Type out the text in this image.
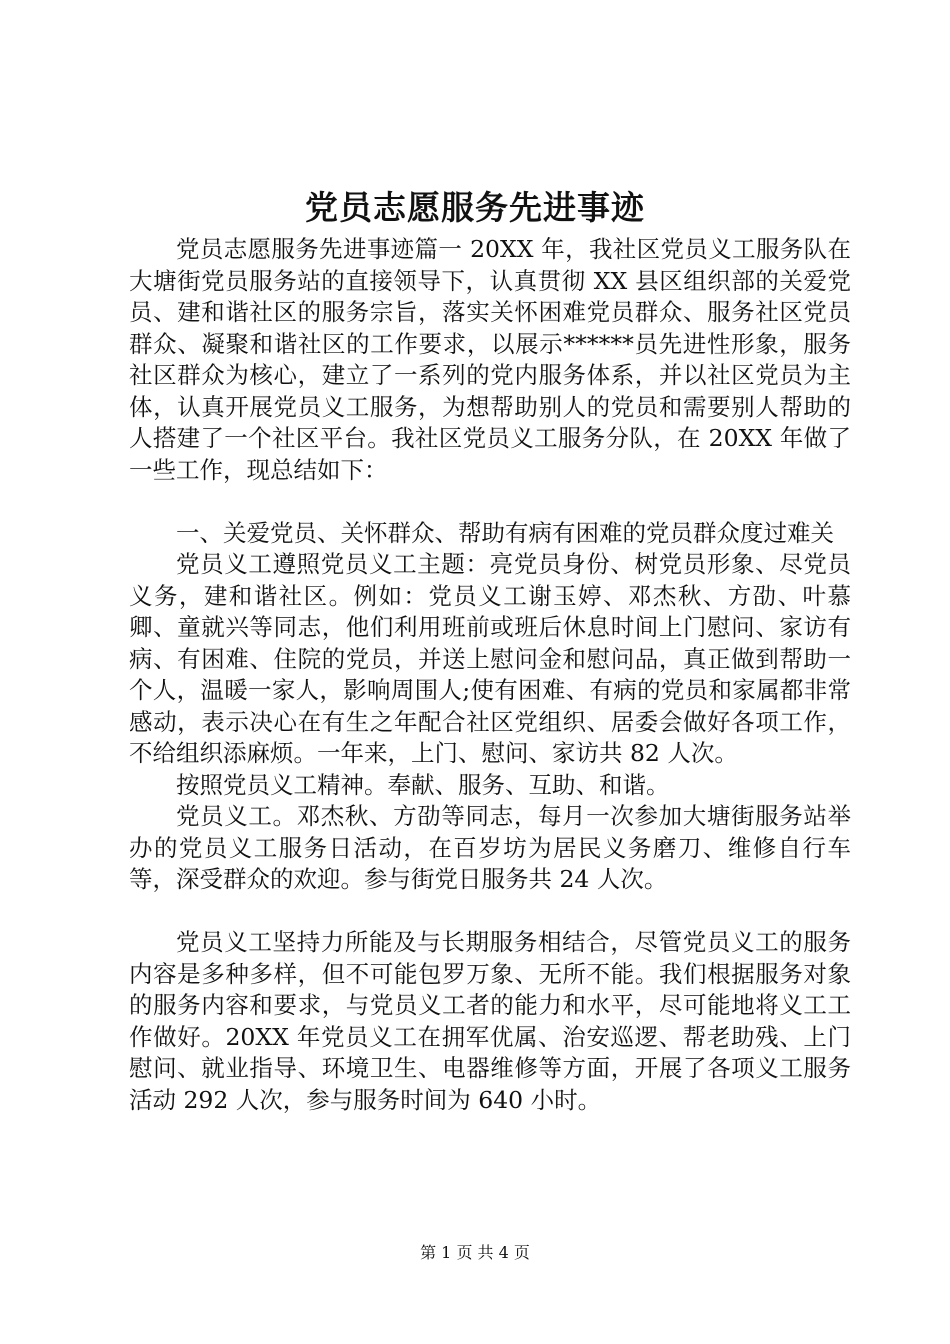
党员志愿服务先进事迹

党员志愿服务先进事迹篇一 20XX 年，我社区党员义工服务队在大塘街党员服务站的直接领导下，认真贯彻 XX 县区组织部的关爱党员、建和谐社区的服务宗旨，落实关怀困难党员群众、服务社区党员群众、凝聚和谐社区的工作要求，以展示******员先进性形象，服务社区群众为核心，建立了一系列的党内服务体系，并以社区党员为主体，认真开展党员义工服务，为想帮助别人的党员和需要别人帮助的人搭建了一个社区平台。我社区党员义工服务分队，在 20XX 年做了一些工作，现总结如下：

一、关爱党员、关怀群众、帮助有病有困难的党员群众度过难关

党员义工遵照党员义工主题：亮党员身份、树党员形象、尽党员义务，建和谐社区。例如：党员义工谢玉婷、邓杰秋、方劭、叶慕卿、童就兴等同志，他们利用班前或班后休息时间上门慰问、家访有病、有困难、住院的党员，并送上慰问金和慰问品，真正做到帮助一个人，温暖一家人，影响周围人;使有困难、有病的党员和家属都非常感动，表示决心在有生之年配合社区党组织、居委会做好各项工作，不给组织添麻烦。一年来，上门、慰问、家访共 82 人次。

按照党员义工精神。奉献、服务、互助、和谐。

党员义工。邓杰秋、方劭等同志，每月一次参加大塘街服务站举办的党员义工服务日活动，在百岁坊为居民义务磨刀、维修自行车等，深受群众的欢迎。参与街党日服务共 24 人次。

党员义工坚持力所能及与长期服务相结合，尽管党员义工的服务内容是多种多样，但不可能包罗万象、无所不能。我们根据服务对象的服务内容和要求，与党员义工者的能力和水平，尽可能地将义工工作做好。20XX 年党员义工在拥军优属、治安巡逻、帮老助残、上门慰问、就业指导、环境卫生、电器维修等方面，开展了各项义工服务活动 292 人次，参与服务时间为 640 小时。

第 1 页 共 4 页
